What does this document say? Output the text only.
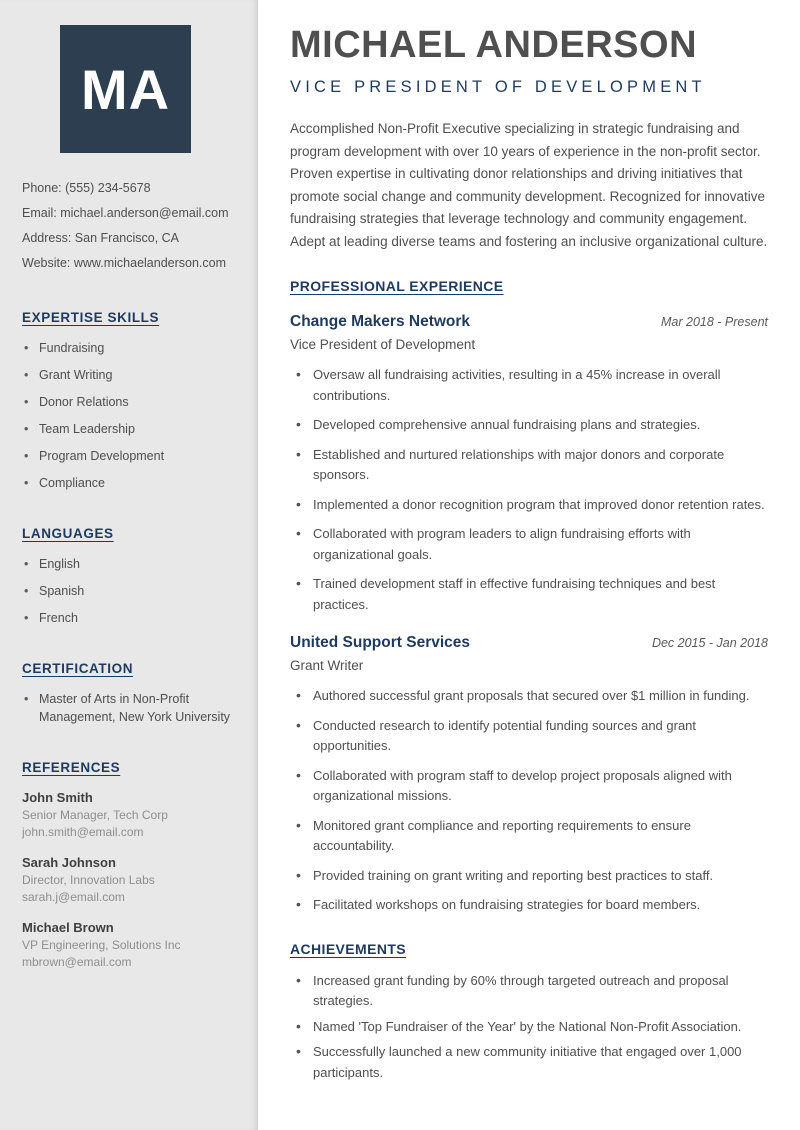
MA
Phone: (555) 234-5678
Email: michael.anderson@email.com
Address: San Francisco, CA
Website: www.michaelanderson.com
EXPERTISE SKILLS
• Fundraising
• Grant Writing
• Donor Relations
• Team Leadership
• Program Development
• Compliance
LANGUAGES
• English
• Spanish
• French
CERTIFICATION
• Master of Arts in Non-Profit Management, New York University
REFERENCES
John Smith
Senior Manager, Tech Corp
john.smith@email.com
Sarah Johnson
Director, Innovation Labs
sarah.j@email.com
Michael Brown
VP Engineering, Solutions Inc
mbrown@email.com
MICHAEL ANDERSON
VICE PRESIDENT OF DEVELOPMENT

Accomplished Non-Profit Executive specializing in strategic fundraising and program development with over 10 years of experience in the non-profit sector. Proven expertise in cultivating donor relationships and driving initiatives that promote social change and community development. Recognized for innovative fundraising strategies that leverage technology and community engagement. Adept at leading diverse teams and fostering an inclusive organizational culture.

PROFESSIONAL EXPERIENCE
Change Makers Network	Mar 2018 - Present
Vice President of Development
• Oversaw all fundraising activities, resulting in a 45% increase in overall contributions.
• Developed comprehensive annual fundraising plans and strategies.
• Established and nurtured relationships with major donors and corporate sponsors.
• Implemented a donor recognition program that improved donor retention rates.
• Collaborated with program leaders to align fundraising efforts with organizational goals.
• Trained development staff in effective fundraising techniques and best practices.
United Support Services	Dec 2015 - Jan 2018
Grant Writer
• Authored successful grant proposals that secured over $1 million in funding.
• Conducted research to identify potential funding sources and grant opportunities.
• Collaborated with program staff to develop project proposals aligned with organizational missions.
• Monitored grant compliance and reporting requirements to ensure accountability.
• Provided training on grant writing and reporting best practices to staff.
• Facilitated workshops on fundraising strategies for board members.
ACHIEVEMENTS
• Increased grant funding by 60% through targeted outreach and proposal strategies.
• Named 'Top Fundraiser of the Year' by the National Non-Profit Association.
• Successfully launched a new community initiative that engaged over 1,000 participants.
